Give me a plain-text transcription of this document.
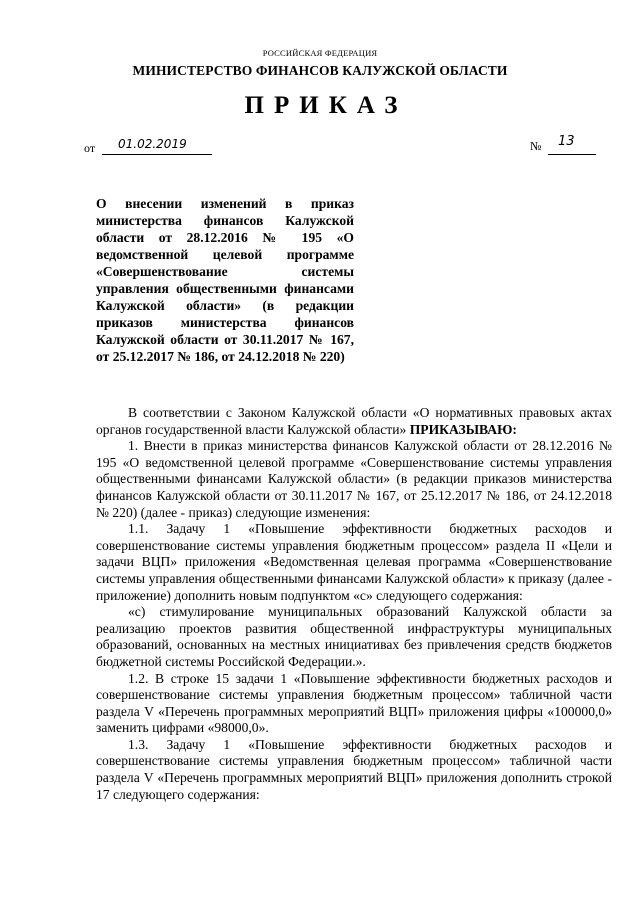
РОССИЙСКАЯ ФЕДЕРАЦИЯ
МИНИСТЕРСТВО ФИНАНСОВ КАЛУЖСКОЙ ОБЛАСТИ
ПРИКАЗ
от 01.02.2019	№ 13
О внесении изменений в приказ министерства финансов Калужской области от 28.12.2016 № 195 «О ведомственной целевой программе «Совершенствование системы управления общественными финансами Калужской области» (в редакции приказов министерства финансов Калужской области от 30.11.2017 № 167, от 25.12.2017 № 186, от 24.12.2018 № 220)

В соответствии с Законом Калужской области «О нормативных правовых актах органов государственной власти Калужской области» ПРИКАЗЫВАЮ:

1. Внести в приказ министерства финансов Калужской области от 28.12.2016 № 195 «О ведомственной целевой программе «Совершенствование системы управления общественными финансами Калужской области» (в редакции приказов министерства финансов Калужской области от 30.11.2017 № 167, от 25.12.2017 № 186, от 24.12.2018 № 220) (далее - приказ) следующие изменения:

1.1. Задачу 1 «Повышение эффективности бюджетных расходов и совершенствование системы управления бюджетным процессом» раздела II «Цели и задачи ВЦП» приложения «Ведомственная целевая программа «Совершенствование системы управления общественными финансами Калужской области» к приказу (далее - приложение) дополнить новым подпунктом «с» следующего содержания:

«с) стимулирование муниципальных образований Калужской области за реализацию проектов развития общественной инфраструктуры муниципальных образований, основанных на местных инициативах без привлечения средств бюджетов бюджетной системы Российской Федерации.».

1.2. В строке 15 задачи 1 «Повышение эффективности бюджетных расходов и совершенствование системы управления бюджетным процессом» табличной части раздела V «Перечень программных мероприятий ВЦП» приложения цифры «100000,0» заменить цифрами «98000,0».

1.3. Задачу 1 «Повышение эффективности бюджетных расходов и совершенствование системы управления бюджетным процессом» табличной части раздела V «Перечень программных мероприятий ВЦП» приложения дополнить строкой 17 следующего содержания:
